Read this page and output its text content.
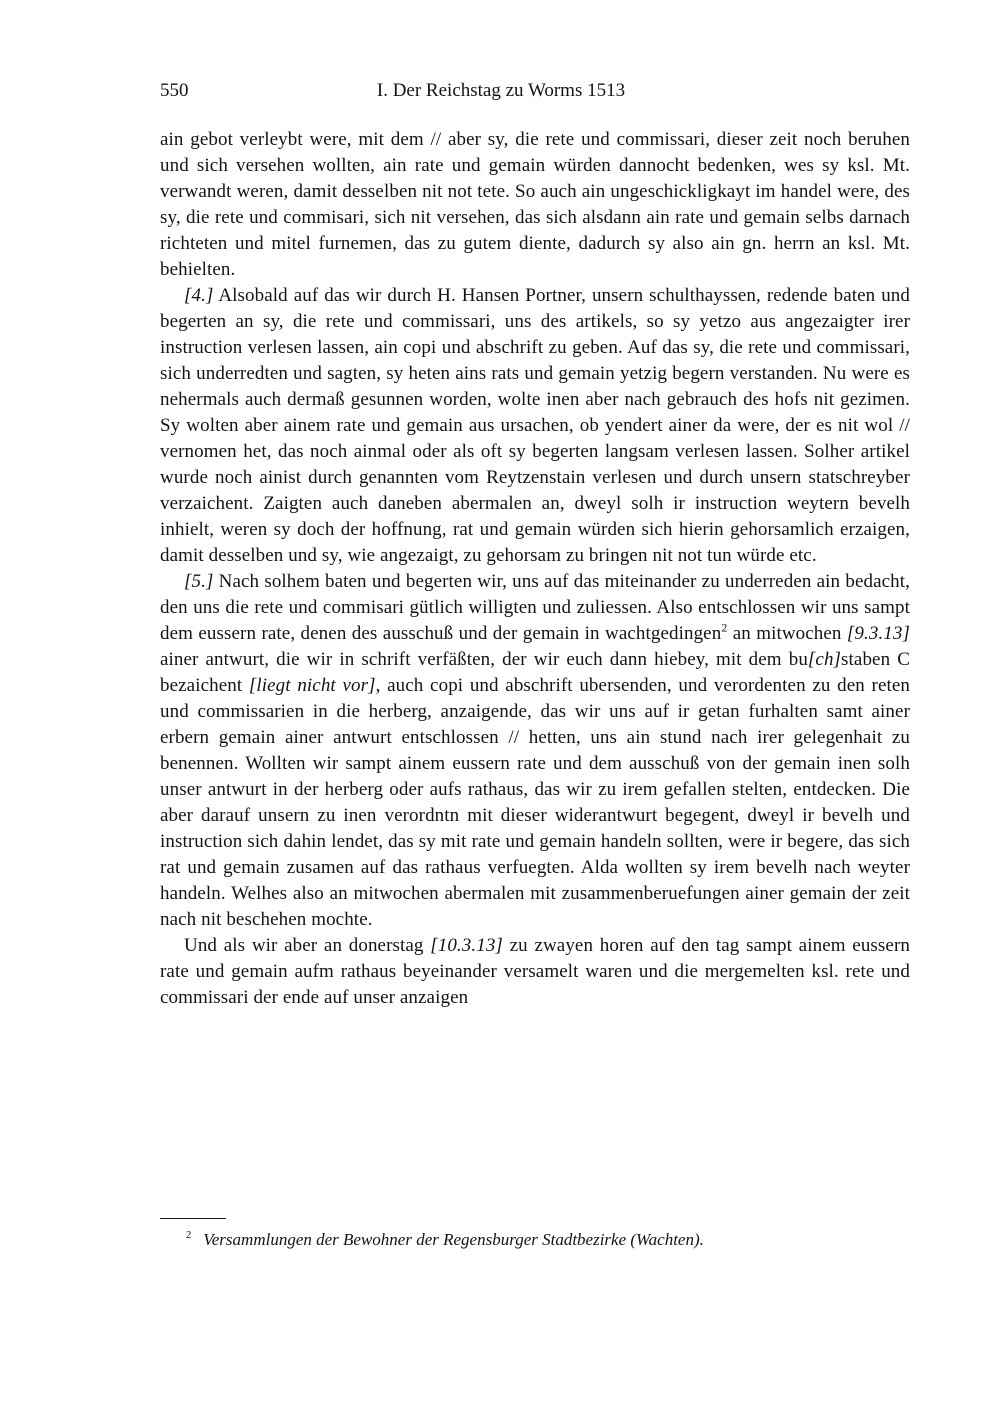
550	I. Der Reichstag zu Worms 1513

ain gebot verleybt were, mit dem // aber sy, die rete und commissari, dieser zeit noch beruhen und sich versehen wollten, ain rate und gemain würden dannocht bedenken, wes sy ksl. Mt. verwandt weren, damit desselben nit not tete. So auch ain ungeschickligkayt im handel were, des sy, die rete und commisari, sich nit versehen, das sich alsdann ain rate und gemain selbs darnach richteten und mitel furnemen, das zu gutem diente, dadurch sy also ain gn. herrn an ksl. Mt. behielten.

[4.] Alsobald auf das wir durch H. Hansen Portner, unsern schulthayssen, redende baten und begerten an sy, die rete und commissari, uns des artikels, so sy yetzo aus angezaigter irer instruction verlesen lassen, ain copi und abschrift zu geben. Auf das sy, die rete und commissari, sich underredten und sagten, sy heten ains rats und gemain yetzig begern verstanden. Nu were es nehermals auch dermaß gesunnen worden, wolte inen aber nach gebrauch des hofs nit gezimen. Sy wolten aber ainem rate und gemain aus ursachen, ob yendert ainer da were, der es nit wol // vernomen het, das noch ainmal oder als oft sy begerten langsam verlesen lassen. Solher artikel wurde noch ainist durch genannten vom Reytzenstain verlesen und durch unsern statschreyber verzaichent. Zaigten auch daneben abermalen an, dweyl solh ir instruction weytern bevelh inhielt, weren sy doch der hoffnung, rat und gemain würden sich hierin gehorsamlich erzaigen, damit desselben und sy, wie angezaigt, zu gehorsam zu bringen nit not tun würde etc.

[5.] Nach solhem baten und begerten wir, uns auf das miteinander zu underreden ain bedacht, den uns die rete und commisari gütlich willigten und zuliessen. Also entschlossen wir uns sampt dem eussern rate, denen des ausschuß und der gemain in wachtgedingen$^2$ an mitwochen [9.3.13] ainer antwurt, die wir in schrift verfäßten, der wir euch dann hiebey, mit dem bu[ch]staben C bezaichent [liegt nicht vor], auch copi und abschrift ubersenden, und verordenten zu den reten und commissarien in die herberg, anzaigende, das wir uns auf ir getan furhalten samt ainer erbern gemain ainer antwurt entschlossen // hetten, uns ain stund nach irer gelegenhait zu benennen. Wollten wir sampt ainem eussern rate und dem ausschuß von der gemain inen solh unser antwurt in der herberg oder aufs rathaus, das wir zu irem gefallen stelten, entdecken. Die aber darauf unsern zu inen verordntn mit dieser widerantwurt begegent, dweyl ir bevelh und instruction sich dahin lendet, das sy mit rate und gemain handeln sollten, were ir begere, das sich rat und gemain zusamen auf das rathaus verfuegten. Alda wollten sy irem bevelh nach weyter handeln. Welhes also an mitwochen abermalen mit zusammenberuefungen ainer gemain der zeit nach nit beschehen mochte.

Und als wir aber an donerstag [10.3.13] zu zwayen horen auf den tag sampt ainem eussern rate und gemain aufm rathaus beyeinander versamelt waren und die mergemelten ksl. rete und commissari der ende auf unser anzaigen

$^2$ Versammlungen der Bewohner der Regensburger Stadtbezirke (Wachten).
